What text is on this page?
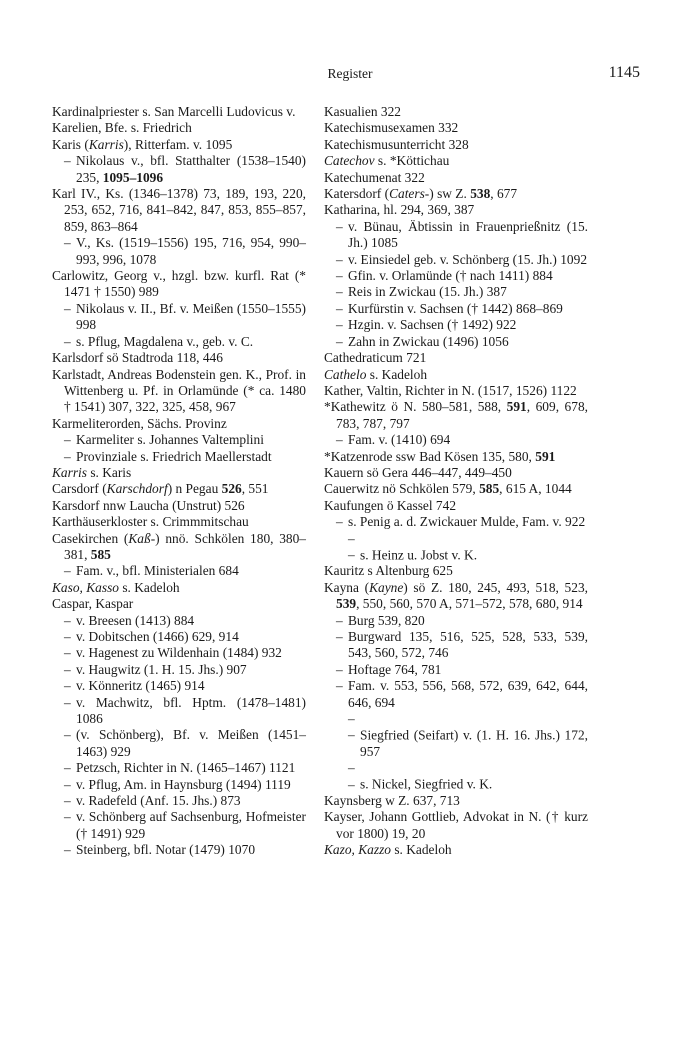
Register	1145

Kardinalpriester s. San Marcelli Ludovicus v.

Karelien, Bfe. s. Friedrich

Karis (Karris), Ritterfam. v. 1095

–Nikolaus v., bfl. Statthalter (1538–1540) 235, 1095–1096

Karl IV., Ks. (1346–1378) 73, 189, 193, 220, 253, 652, 716, 841–842, 847, 853, 855–857, 859, 863–864

–V., Ks. (1519–1556) 195, 716, 954, 990–993, 996, 1078

Carlowitz, Georg v., hzgl. bzw. kurfl. Rat (* 1471 † 1550) 989

–Nikolaus v. II., Bf. v. Meißen (1550–1555) 998

–s. Pflug, Magdalena v., geb. v. C.

Karlsdorf sö Stadtroda 118, 446

Karlstadt, Andreas Bodenstein gen. K., Prof. in Wittenberg u. Pf. in Orlamünde (* ca. 1480 † 1541) 307, 322, 325, 458, 967

Karmeliterorden, Sächs. Provinz

–Karmeliter s. Johannes Valtemplini

–Provinziale s. Friedrich Maellerstadt

Karris s. Karis

Carsdorf (Karschdorf) n Pegau 526, 551

Karsdorf nnw Laucha (Unstrut) 526

Karthäuserkloster s. Crimmmitschau

Casekirchen (Kaß-) nnö. Schkölen 180, 380–381, 585

–Fam. v., bfl. Ministerialen 684

Kaso, Kasso s. Kadeloh

Caspar, Kaspar

–v. Breesen (1413) 884

–v. Dobitschen (1466) 629, 914

–v. Hagenest zu Wildenhain (1484) 932

–v. Haugwitz (1. H. 15. Jhs.) 907

–v. Könneritz (1465) 914

–v. Machwitz, bfl. Hptm. (1478–1481) 1086

–(v. Schönberg), Bf. v. Meißen (1451–1463) 929

–Petzsch, Richter in N. (1465–1467) 1121

–v. Pflug, Am. in Haynsburg (1494) 1119

–v. Radefeld (Anf. 15. Jhs.) 873

–v. Schönberg auf Sachsenburg, Hofmeister († 1491) 929

–Steinberg, bfl. Notar (1479) 1070

Kasualien 322

Katechismusexamen 332

Katechismusunterricht 328

Catechov s. *Köttichau

Katechumenat 322

Katersdorf (Caters-) sw Z. 538, 677

Katharina, hl. 294, 369, 387

–v. Bünau, Äbtissin in Frauenprießnitz (15. Jh.) 1085

–v. Einsiedel geb. v. Schönberg (15. Jh.) 1092

–Gfin. v. Orlamünde († nach 1411) 884

–Reis in Zwickau (15. Jh.) 387

–Kurfürstin v. Sachsen († 1442) 868–869

–Hzgin. v. Sachsen († 1492) 922

–Zahn in Zwickau (1496) 1056

Cathedraticum 721

Cathelo s. Kadeloh

Kather, Valtin, Richter in N. (1517, 1526) 1122

*Kathewitz ö N. 580–581, 588, 591, 609, 678, 783, 787, 797

–Fam. v. (1410) 694

*Katzenrode ssw Bad Kösen 135, 580, 591

Kauern sö Gera 446–447, 449–450

Cauerwitz nö Schkölen 579, 585, 615 A, 1044

Kaufungen ö Kassel 742

–s. Penig a. d. Zwickauer Mulde, Fam. v. 922

– –s. Heinz u. Jobst v. K.

Kauritz s Altenburg 625

Kayna (Kayne) sö Z. 180, 245, 493, 518, 523, 539, 550, 560, 570 A, 571–572, 578, 680, 914

–Burg 539, 820

–Burgward 135, 516, 525, 528, 533, 539, 543, 560, 572, 746

–Hoftage 764, 781

–Fam. v. 553, 556, 568, 572, 639, 642, 644, 646, 694

– –Siegfried (Seifart) v. (1. H. 16. Jhs.) 172, 957

– –s. Nickel, Siegfried v. K.

Kaynsberg w Z. 637, 713

Kayser, Johann Gottlieb, Advokat in N. († kurz vor 1800) 19, 20

Kazo, Kazzo s. Kadeloh
